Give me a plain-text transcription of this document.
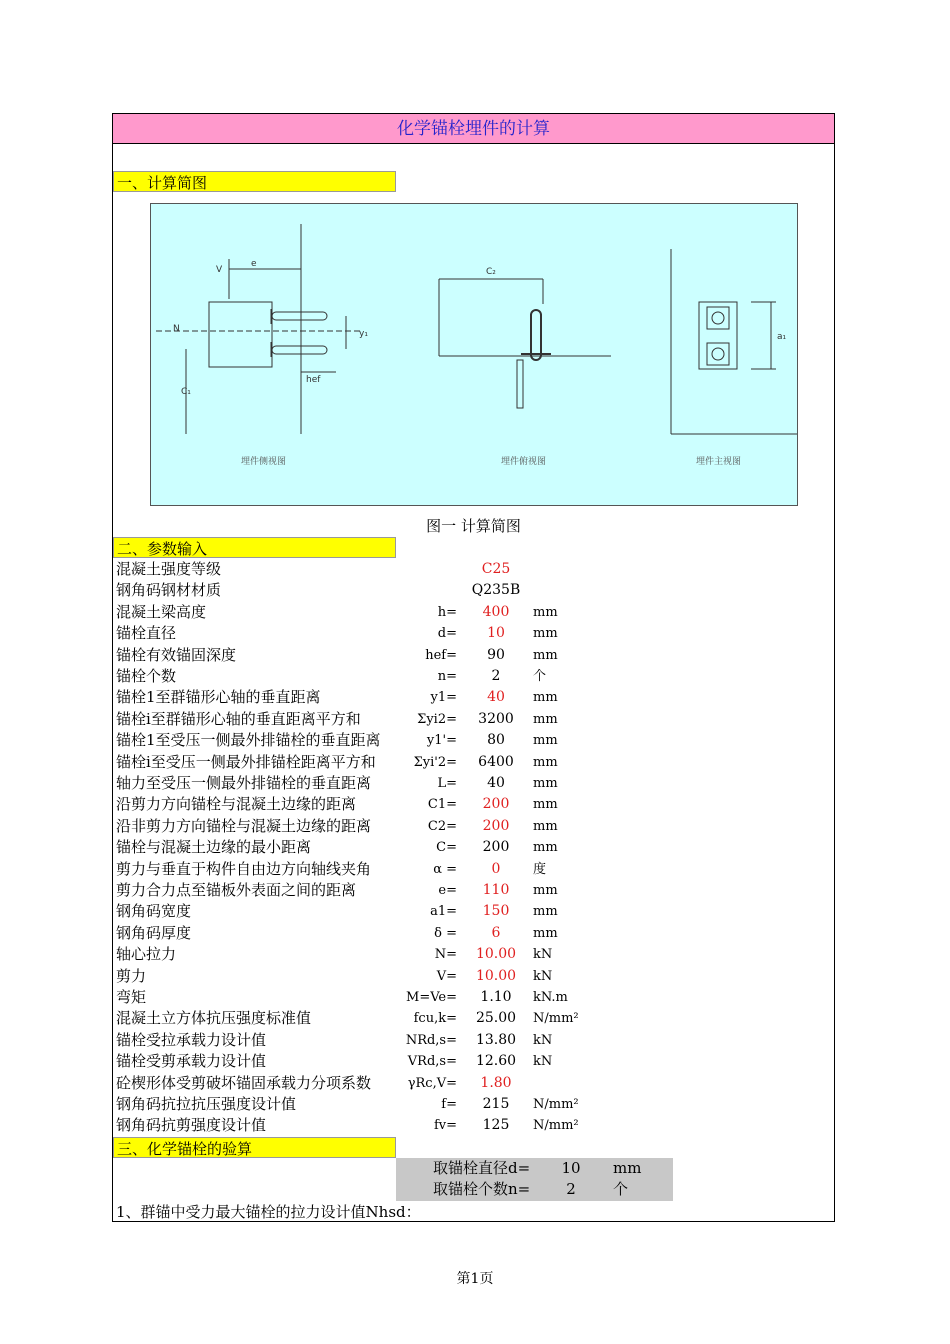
化学锚栓埋件的计算
一、计算简图
e
V
N
hef
C₁
y₁
埋件侧视图
C₂
埋件俯视图
a₁
埋件主视图
图一 计算简图
二、参数输入
混凝土强度等级	C25
钢角码钢材材质	Q235B
混凝土梁高度	h=	400	mm
锚栓直径	d=	10	mm
锚栓有效锚固深度	hef=	90	mm
锚栓个数	n=	2	个
锚栓1至群锚形心轴的垂直距离	y1=	40	mm
锚栓i至群锚形心轴的垂直距离平方和	Σyi2=	3200	mm
锚栓1至受压一侧最外排锚栓的垂直距离	y1'=	80	mm
锚栓i至受压一侧最外排锚栓距离平方和	Σyi'2=	6400	mm
轴力至受压一侧最外排锚栓的垂直距离	L=	40	mm
沿剪力方向锚栓与混凝土边缘的距离	C1=	200	mm
沿非剪力方向锚栓与混凝土边缘的距离	C2=	200	mm
锚栓与混凝土边缘的最小距离	C=	200	mm
剪力与垂直于构件自由边方向轴线夹角	α =	0	度
剪力合力点至锚板外表面之间的距离	e=	110	mm
钢角码宽度	a1=	150	mm
钢角码厚度	δ =	6	mm
轴心拉力	N=	10.00	kN
剪力	V=	10.00	kN
弯矩	M=Ve=	1.10	kN.m
混凝土立方体抗压强度标准值	fcu,k=	25.00	N/mm²
锚栓受拉承载力设计值	NRd,s=	13.80	kN
锚栓受剪承载力设计值	VRd,s=	12.60	kN
砼楔形体受剪破坏锚固承载力分项系数	γRc,V=	1.80
钢角码抗拉抗压强度设计值	f=	215	N/mm²
钢角码抗剪强度设计值	fv=	125	N/mm²
三、化学锚栓的验算
取锚栓直径d=	10	mm
取锚栓个数n=	2	个
1、群锚中受力最大锚栓的拉力设计值Nhsd：
第1页
